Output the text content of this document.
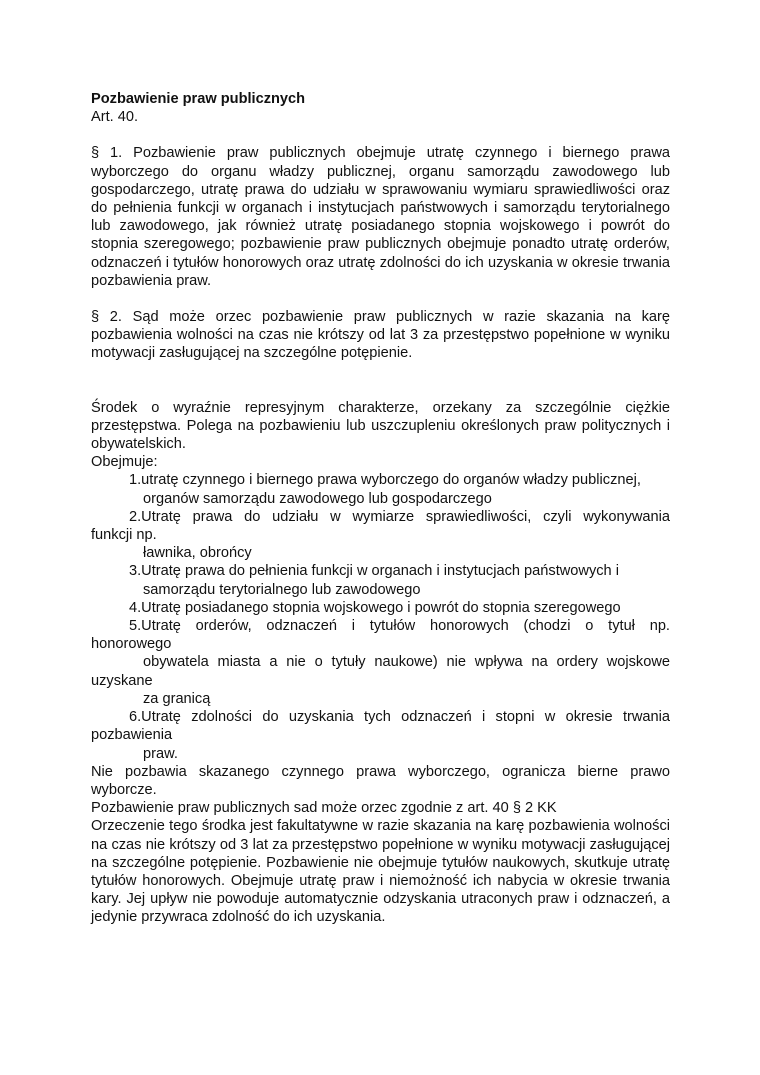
Pozbawienie praw publicznych

Art. 40.

§ 1. Pozbawienie praw publicznych obejmuje utratę czynnego i biernego prawa wyborczego do organu władzy publicznej, organu samorządu zawodowego lub gospodarczego, utratę prawa do udziału w sprawowaniu wymiaru sprawiedliwości oraz do pełnienia funkcji w organach i instytucjach państwowych i samorządu terytorialnego lub zawodowego, jak również utratę posiadanego stopnia wojskowego i powrót do stopnia szeregowego; pozbawienie praw publicznych obejmuje ponadto utratę orderów, odznaczeń i tytułów honorowych oraz utratę zdolności do ich uzyskania w okresie trwania pozbawienia praw.

§ 2. Sąd może orzec pozbawienie praw publicznych w razie skazania na karę pozbawienia wolności na czas nie krótszy od lat 3 za przestępstwo popełnione w wyniku motywacji zasługującej na szczególne potępienie.

Środek o wyraźnie represyjnym charakterze, orzekany za szczególnie ciężkie przestępstwa. Polega na pozbawieniu lub uszczupleniu określonych praw politycznych i obywatelskich.

Obejmuje:

1.utratę czynnego i biernego prawa wyborczego do organów władzy publicznej,
organów samorządu zawodowego lub gospodarczego
2.Utratę prawa do udziału w wymiarze sprawiedliwości, czyli wykonywania
funkcji np.
ławnika, obrońcy
3.Utratę prawa do pełnienia funkcji w organach i instytucjach państwowych i
samorządu terytorialnego lub zawodowego
4.Utratę posiadanego stopnia wojskowego i powrót do stopnia szeregowego
5.Utratę orderów, odznaczeń i tytułów honorowych (chodzi o tytuł np.
honorowego
obywatela miasta a nie o tytuły naukowe) nie wpływa na ordery wojskowe
uzyskane
za granicą
6.Utratę zdolności do uzyskania tych odznaczeń i stopni w okresie trwania
pozbawienia
praw.

Nie pozbawia skazanego czynnego prawa wyborczego, ogranicza bierne prawo wyborcze.

Pozbawienie praw publicznych sad może orzec zgodnie z art. 40 § 2 KK

Orzeczenie tego środka jest fakultatywne w razie skazania na karę pozbawienia wolności na czas nie krótszy od 3 lat za przestępstwo popełnione w wyniku motywacji zasługującej na szczególne potępienie. Pozbawienie nie obejmuje tytułów naukowych, skutkuje utratę tytułów honorowych. Obejmuje utratę praw i niemożność ich nabycia w okresie trwania kary. Jej upływ nie powoduje automatycznie odzyskania utraconych praw i odznaczeń, a jedynie przywraca zdolność do ich uzyskania.
